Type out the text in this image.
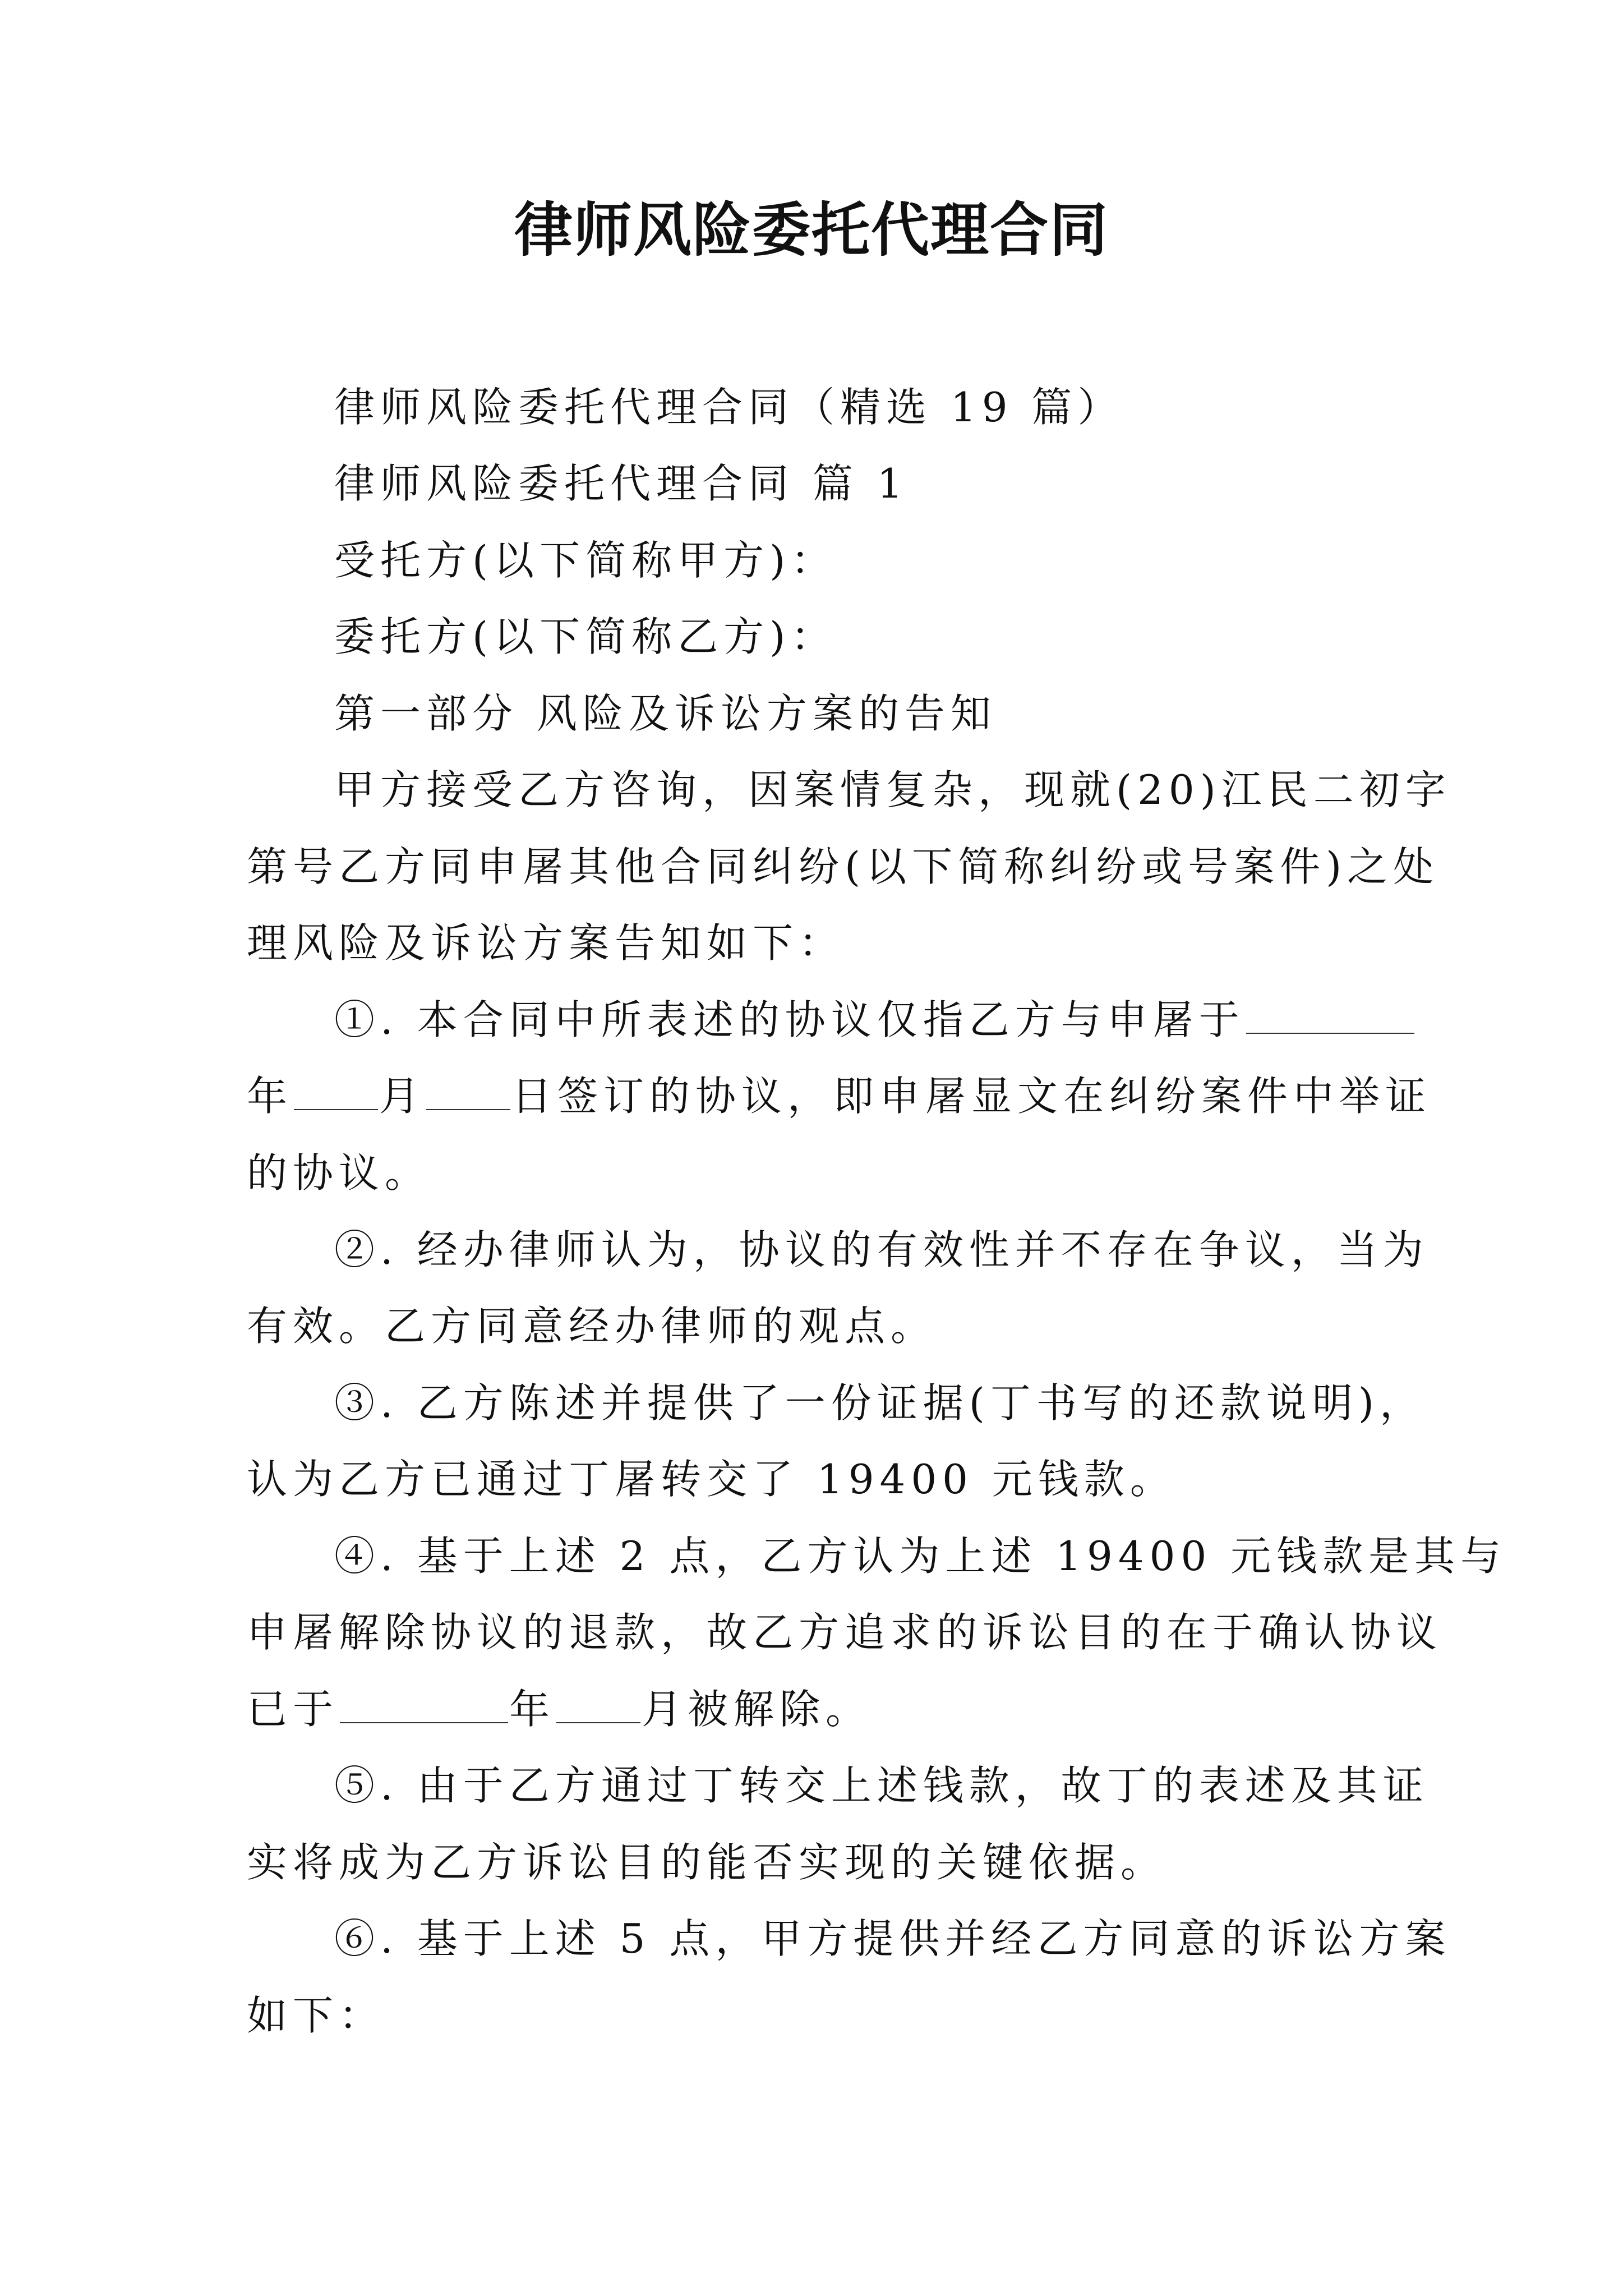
律师风险委托代理合同
律师风险委托代理合同（精选 19 篇）
律师风险委托代理合同 篇 1
受托方(以下简称甲方)：
委托方(以下简称乙方)：
第一部分 风险及诉讼方案的告知
甲方接受乙方咨询，因案情复杂，现就(20)江民二初字
第号乙方同申屠其他合同纠纷(以下简称纠纷或号案件)之处
理风险及诉讼方案告知如下：
①. 本合同中所表述的协议仅指乙方与申屠于
年 月 日签订的协议，即申屠显文在纠纷案件中举证
的协议。
②. 经办律师认为，协议的有效性并不存在争议，当为
有效。乙方同意经办律师的观点。
③. 乙方陈述并提供了一份证据(丁书写的还款说明)，
认为乙方已通过丁屠转交了 19400 元钱款。
④. 基于上述 2 点，乙方认为上述 19400 元钱款是其与
申屠解除协议的退款，故乙方追求的诉讼目的在于确认协议
已于	年 月被解除。
⑤. 由于乙方通过丁转交上述钱款，故丁的表述及其证
实将成为乙方诉讼目的能否实现的关键依据。
⑥. 基于上述 5 点，甲方提供并经乙方同意的诉讼方案
如下：
